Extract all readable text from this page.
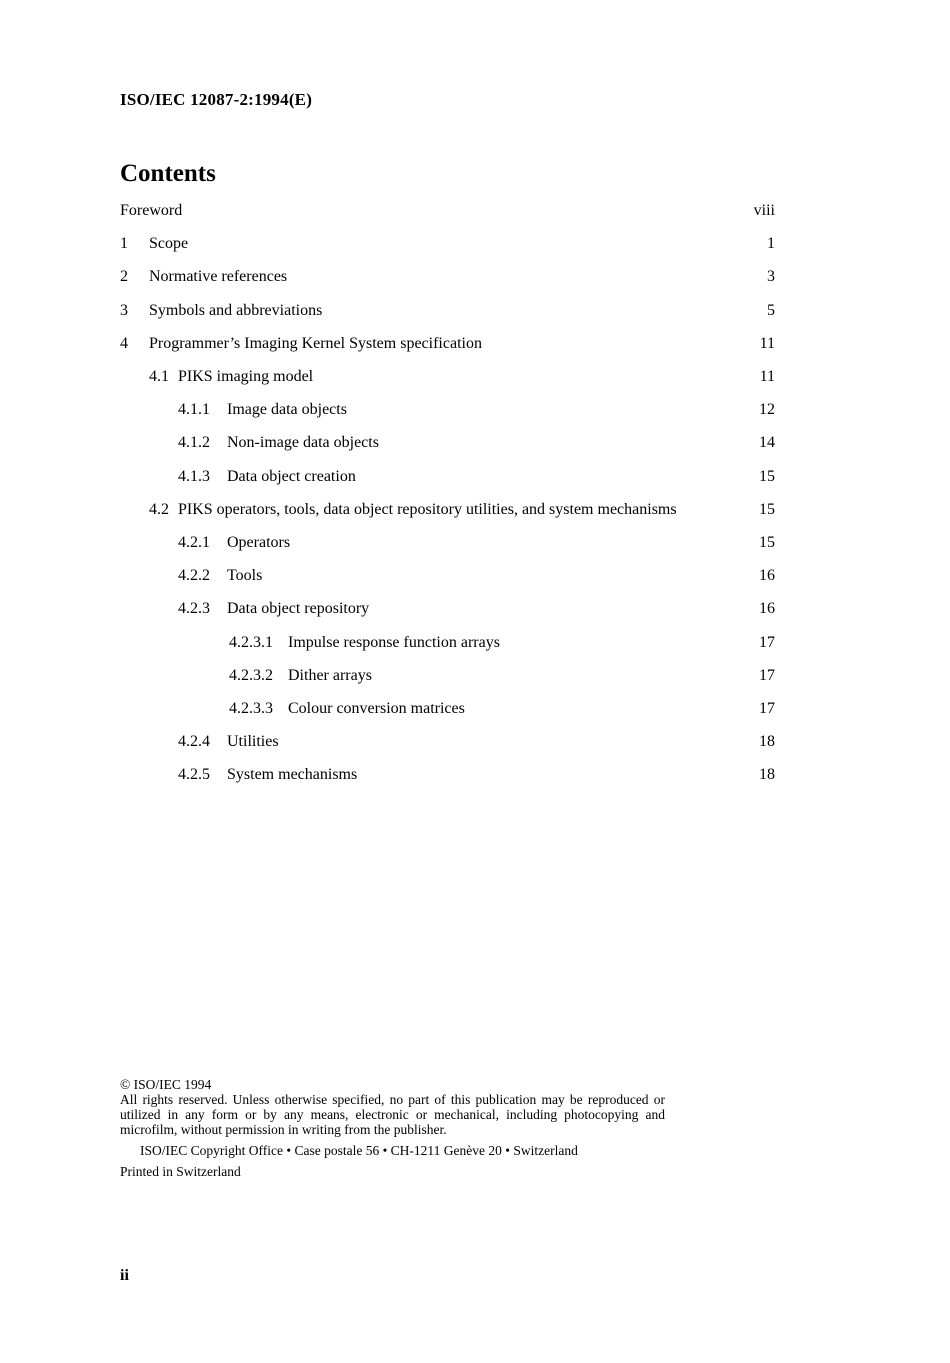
ISO/IEC 12087-2:1994(E)
Contents
Foreword	viii
1 Scope	1
2 Normative references	3
3 Symbols and abbreviations	5
4 Programmer’s Imaging Kernel System specification	11
4.1 PIKS imaging model	11
4.1.1 Image data objects	12
4.1.2 Non-image data objects	14
4.1.3 Data object creation	15
4.2 PIKS operators, tools, data object repository utilities, and system mechanisms	15
4.2.1 Operators	15
4.2.2 Tools	16
4.2.3 Data object repository	16
4.2.3.1 Impulse response function arrays	17
4.2.3.2 Dither arrays	17
4.2.3.3 Colour conversion matrices	17
4.2.4 Utilities	18
4.2.5 System mechanisms	18
© ISO/IEC 1994
All rights reserved. Unless otherwise specified, no part of this publication may be reproduced or utilized in any form or by any means, electronic or mechanical, including photocopying and microfilm, without permission in writing from the publisher.
ISO/IEC Copyright Office • Case postale 56 • CH-1211 Genève 20 • Switzerland
Printed in Switzerland
ii
